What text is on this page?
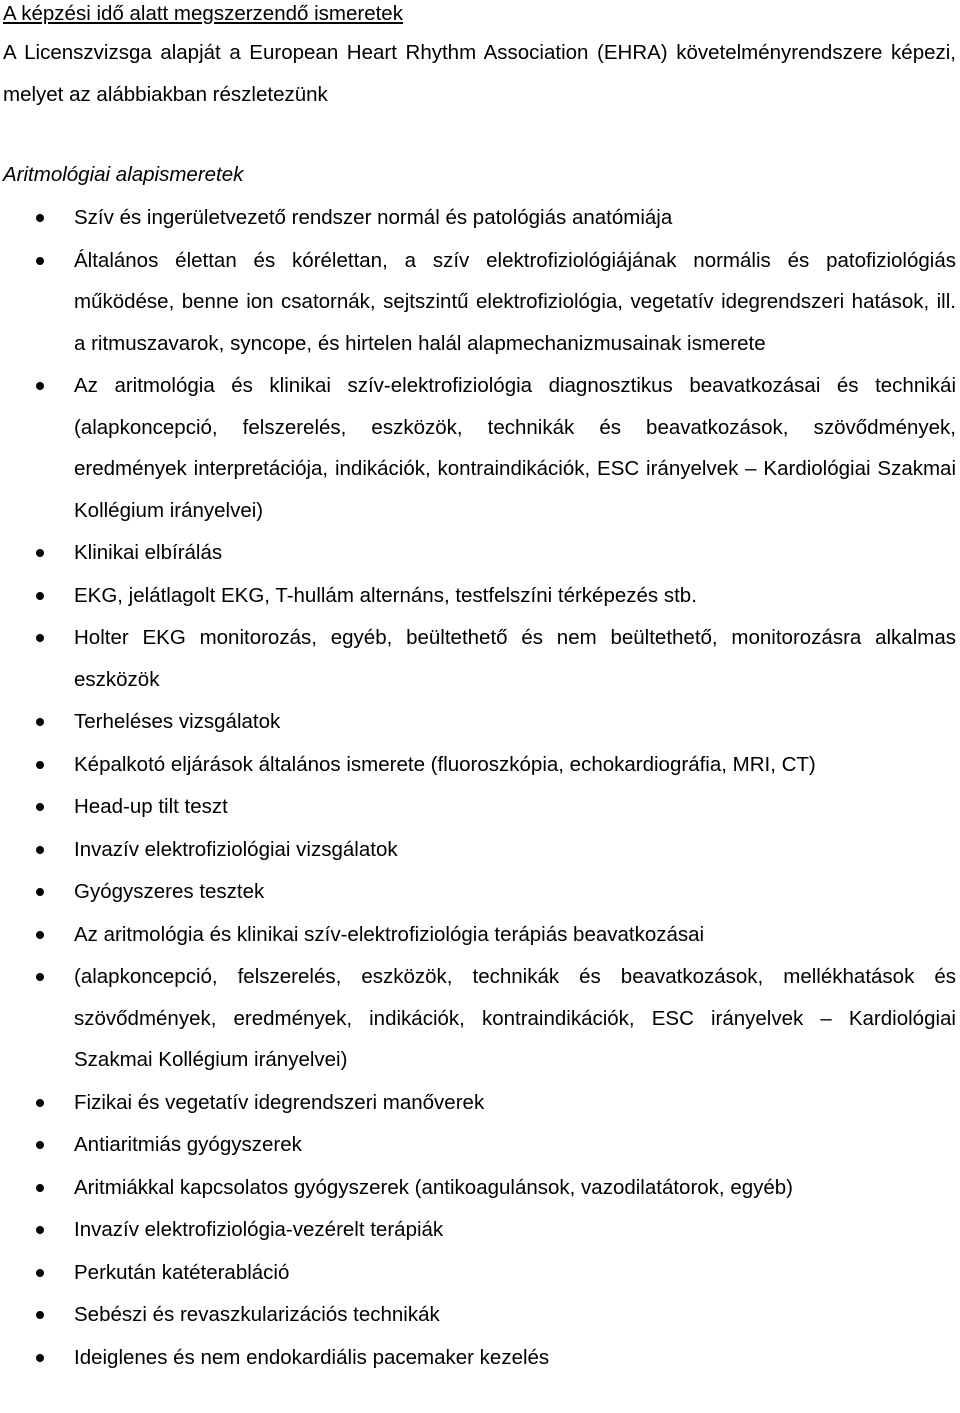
A képzési idő alatt megszerzendő ismeretek
A Licenszvizsga alapját a European Heart Rhythm Association (EHRA) követelményrendszere képezi, melyet az alábbiakban részletezünk
Aritmológiai alapismeretek
Szív és ingerületvezető rendszer normál és patológiás anatómiája
Általános élettan és kórélettan, a szív elektrofiziológiájának normális és patofiziológiás működése, benne ion csatornák, sejtszintű elektrofiziológia, vegetatív idegrendszeri hatások, ill. a ritmuszavarok, syncope, és hirtelen halál alapmechanizmusainak ismerete
Az aritmológia és klinikai szív-elektrofiziológia diagnosztikus beavatkozásai és technikái (alapkoncepció, felszerelés, eszközök, technikák és beavatkozások, szövődmények, eredmények interpretációja, indikációk, kontraindikációk, ESC irányelvek – Kardiológiai Szakmai Kollégium irányelvei)
Klinikai elbírálás
EKG, jelátlagolt EKG, T-hullám alternáns, testfelszíni térképezés stb.
Holter EKG monitorozás, egyéb, beültethető és nem beültethető, monitorozásra alkalmas eszközök
Terheléses vizsgálatok
Képalkotó eljárások általános ismerete (fluoroszkópia, echokardiográfia, MRI, CT)
Head-up tilt teszt
Invazív elektrofiziológiai vizsgálatok
Gyógyszeres tesztek
Az aritmológia és klinikai szív-elektrofiziológia terápiás beavatkozásai
(alapkoncepció, felszerelés, eszközök, technikák és beavatkozások, mellékhatások és szövődmények, eredmények, indikációk, kontraindikációk, ESC irányelvek – Kardiológiai Szakmai Kollégium irányelvei)
Fizikai és vegetatív idegrendszeri manőverek
Antiaritmiás gyógyszerek
Aritmiákkal kapcsolatos gyógyszerek (antikoagulánsok, vazodilatátorok, egyéb)
Invazív elektrofiziológia-vezérelt terápiák
Perkután katéterabláció
Sebészi és revaszkularizációs technikák
Ideiglenes és nem endokardiális pacemaker kezelés
